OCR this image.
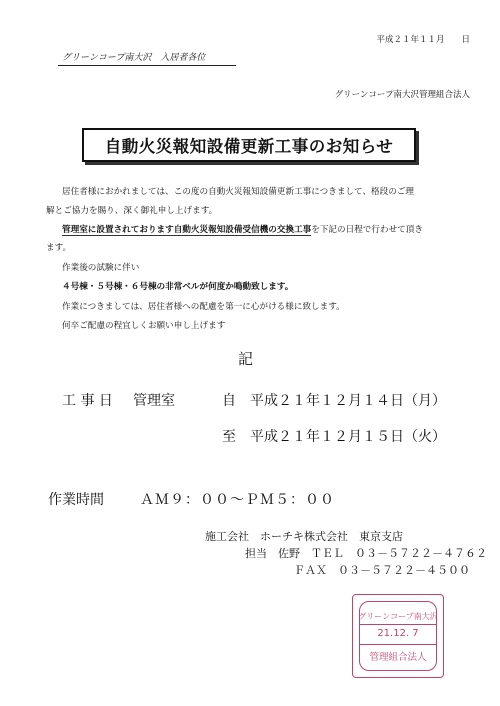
平成２１年１１月　　日
グリーンコープ南大沢　入居者各位
グリーンコープ南大沢管理組合法人
自動火災報知設備更新工事のお知らせ
居住者様におかれましては、この度の自動火災報知設備更新工事につきまして、格段のご理
解とご協力を賜り、深く御礼申し上げます。
管理室に設置されております自動火災報知設備受信機の交換工事を下記の日程で行わせて頂き
ます。
作業後の試験に伴い
４号棟・５号棟・６号棟の非常ベルが何度か鳴動致します。
作業につきましては、居住者様への配慮を第一に心がける様に致します。
何卒ご配慮の程宜しくお願い申し上げます
記
工 事 日 管理室	自 平成２１年１２月１４日（月）
至 平成２１年１２月１５日（火）
作業時間	ＡＭ９：００～ＰＭ５：００
施工会社　ホーチキ株式会社　東京支店
担当　佐野　ＴＥＬ　０３－５７２２－４７６２
ＦＡＸ　０３－５７２２－４５００
グリーンコープ南大沢
21.12. 7
管理組合法人
